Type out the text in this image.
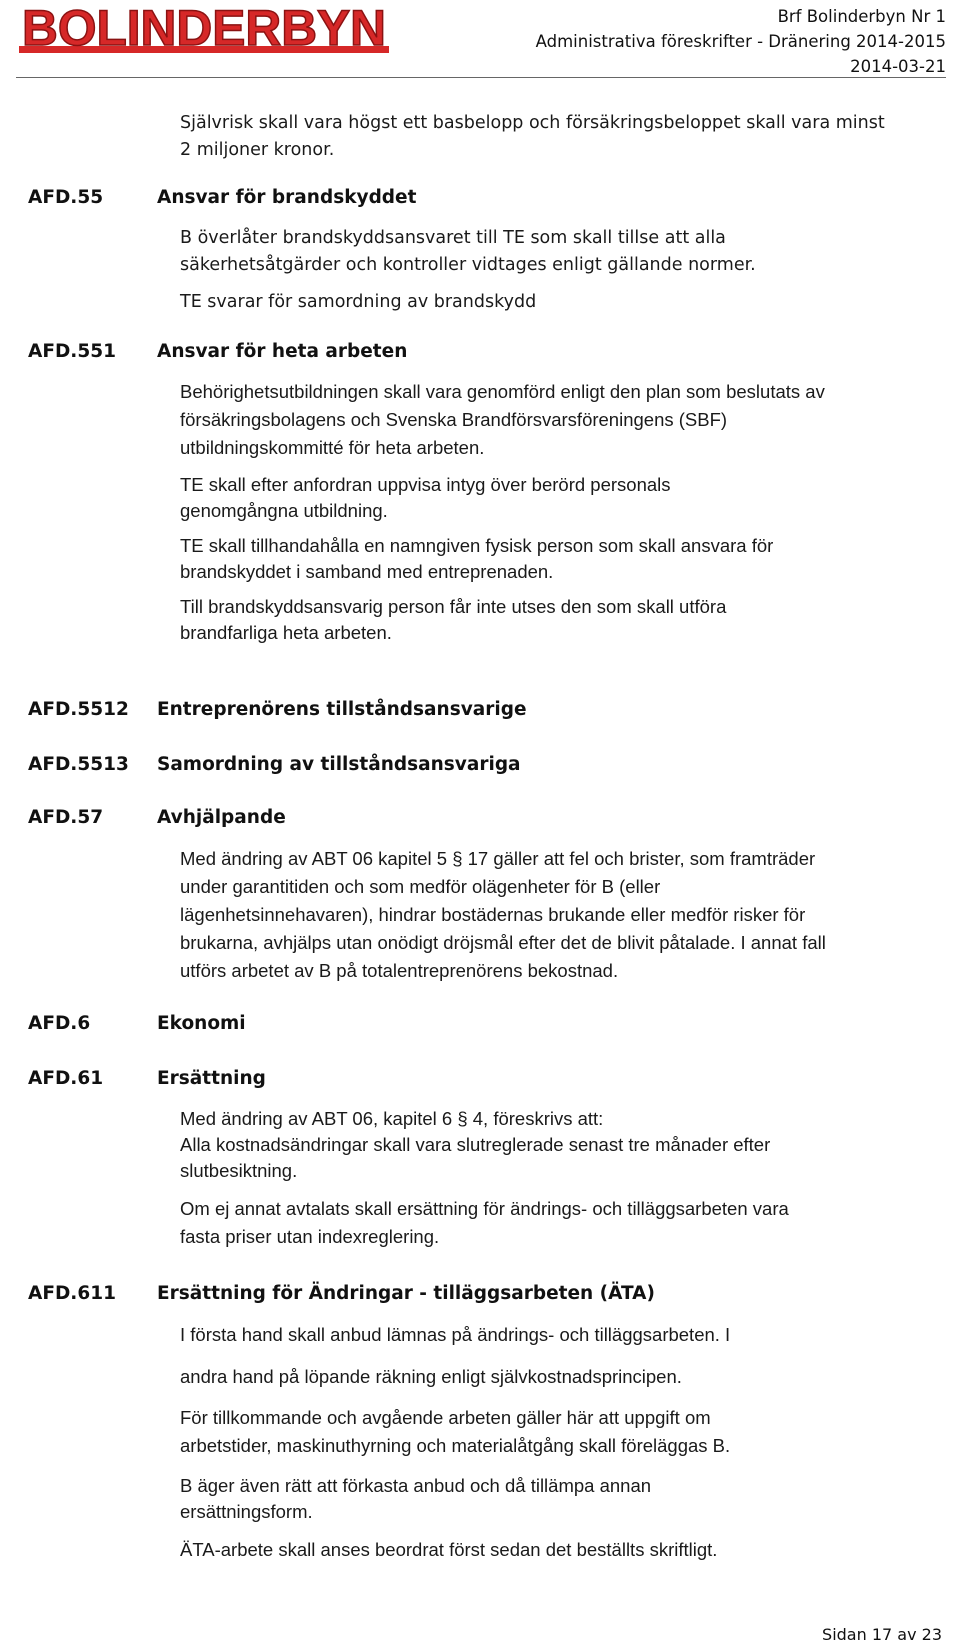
BOLINDERBYN	Brf Bolinderbyn Nr 1
Administrativa föreskrifter - Dränering 2014-2015
2014-03-21
Självrisk skall vara högst ett basbelopp och försäkringsbeloppet skall vara minst
2 miljoner kronor.
AFD.55	Ansvar för brandskyddet
B överlåter brandskyddsansvaret till TE som skall tillse att alla
säkerhetsåtgärder och kontroller vidtages enligt gällande normer.
TE svarar för samordning av brandskydd
AFD.551 Ansvar för heta arbeten
Behörighetsutbildningen skall vara genomförd enligt den plan som beslutats av
försäkringsbolagens och Svenska Brandförsvarsföreningens (SBF)
utbildningskommitté för heta arbeten.
TE skall efter anfordran uppvisa intyg över berörd personals
genomgångna utbildning.
TE skall tillhandahålla en namngiven fysisk person som skall ansvara för
brandskyddet i samband med entreprenaden.
Till brandskyddsansvarig person får inte utses den som skall utföra
brandfarliga heta arbeten.
AFD.5512 Entreprenörens tillståndsansvarige
AFD.5513 Samordning av tillståndsansvariga
AFD.57	Avhjälpande
Med ändring av ABT 06 kapitel 5 § 17 gäller att fel och brister, som framträder
under garantitiden och som medför olägenheter för B (eller
lägenhetsinnehavaren), hindrar bostädernas brukande eller medför risker för
brukarna, avhjälps utan onödigt dröjsmål efter det de blivit påtalade. I annat fall
utförs arbetet av B på totalentreprenörens bekostnad.
AFD.6	Ekonomi
AFD.61	Ersättning
Med ändring av ABT 06, kapitel 6 § 4, föreskrivs att:
Alla kostnadsändringar skall vara slutreglerade senast tre månader efter
slutbesiktning.
Om ej annat avtalats skall ersättning för ändrings- och tilläggsarbeten vara
fasta priser utan indexreglering.
AFD.611 Ersättning för Ändringar - tilläggsarbeten (ÄTA)
I första hand skall anbud lämnas på ändrings- och tilläggsarbeten. I
andra hand på löpande räkning enligt självkostnadsprincipen.
För tillkommande och avgående arbeten gäller här att uppgift om
arbetstider, maskinuthyrning och materialåtgång skall föreläggas B.
B äger även rätt att förkasta anbud och då tillämpa annan
ersättningsform.
ÄTA-arbete skall anses beordrat först sedan det beställts skriftligt.
Sidan 17 av 23
